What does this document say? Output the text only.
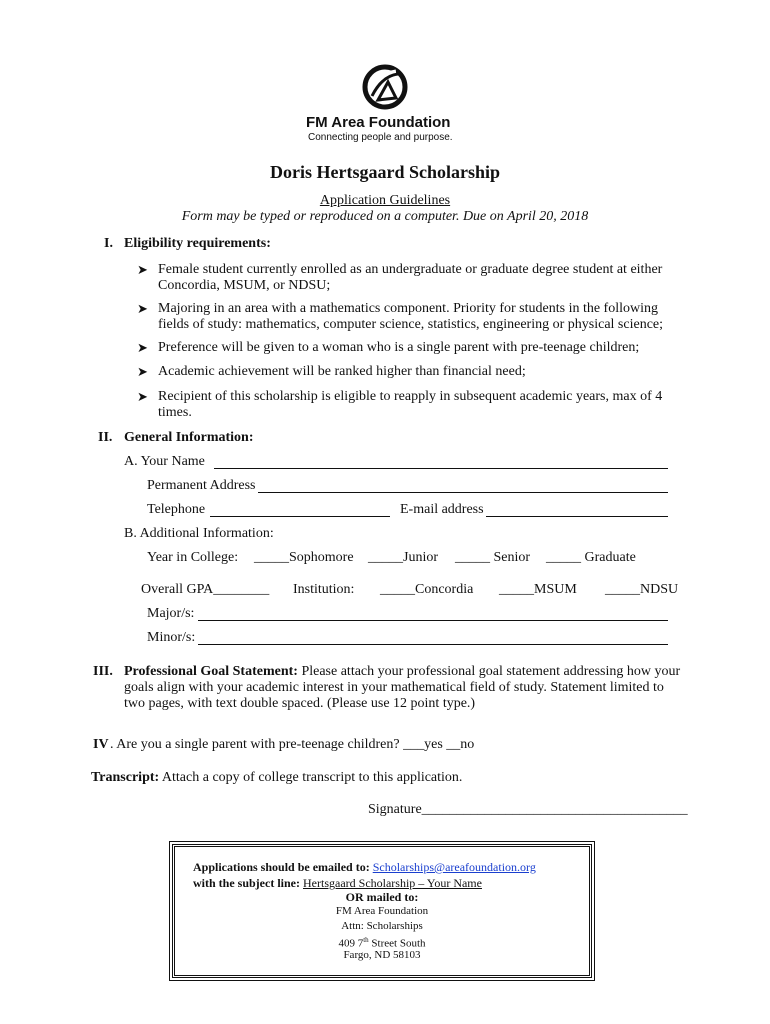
FM Area Foundation
Connecting people and purpose.
Doris Hertsgaard Scholarship
Application Guidelines
Form may be typed or reproduced on a computer. Due on April 20, 2018
I. Eligibility requirements:
➤ Female student currently enrolled as an undergraduate or graduate degree student at either Concordia, MSUM, or NDSU;
➤ Majoring in an area with a mathematics component. Priority for students in the following fields of study: mathematics, computer science, statistics, engineering or physical science;
➤ Preference will be given to a woman who is a single parent with pre-teenage children;
➤ Academic achievement will be ranked higher than financial need;
➤ Recipient of this scholarship is eligible to reapply in subsequent academic years, max of 4 times.
II. General Information:
A. Your Name
Permanent Address
Telephone	E-mail address
B. Additional Information:
Year in College: _____Sophomore _____Junior _____ Senior _____ Graduate
Overall GPA________ Institution: _____Concordia _____MSUM _____NDSU
Major/s:
Minor/s:
III. Professional Goal Statement: Please attach your professional goal statement addressing how your goals align with your academic interest in your mathematical field of study. Statement limited to two pages, with text double spaced. (Please use 12 point type.)
IV . Are you a single parent with pre-teenage children? ___yes __no
Transcript: Attach a copy of college transcript to this application.
Signature______________________________________
Applications should be emailed to: Scholarships@areafoundation.org
with the subject line: Hertsgaard Scholarship – Your Name
OR mailed to:
FM Area Foundation
Attn: Scholarships
409 7th Street South
Fargo, ND 58103
